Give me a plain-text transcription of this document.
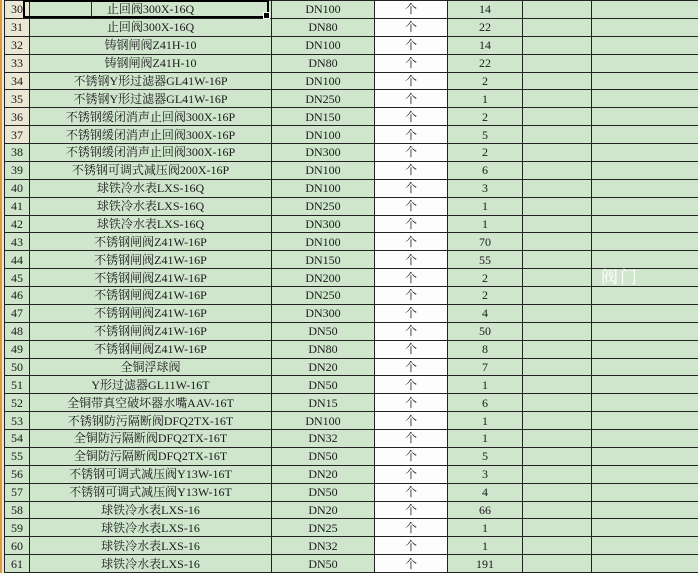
30	止回阀300X-16Q	DN100	个	14
31	止回阀300X-16Q	DN80	个	22
32	铸钢闸阀Z41H-10	DN100	个	14
33	铸钢闸阀Z41H-10	DN80	个	22
34	不锈钢Y形过滤器GL41W-16P	DN100	个	2
35	不锈钢Y形过滤器GL41W-16P	DN250	个	1
36	不锈钢缓闭消声止回阀300X-16P	DN150	个	2
37	不锈钢缓闭消声止回阀300X-16P	DN100	个	5
38	不锈钢缓闭消声止回阀300X-16P	DN300	个	2
39	不锈钢可调式减压阀200X-16P	DN100	个	6
40	球铁冷水表LXS-16Q	DN100	个	3
41	球铁冷水表LXS-16Q	DN250	个	1
42	球铁冷水表LXS-16Q	DN300	个	1
43	不锈钢闸阀Z41W-16P	DN100	个	70
44	不锈钢闸阀Z41W-16P	DN150	个	55
45	不锈钢闸阀Z41W-16P	DN200	个	2
46	不锈钢闸阀Z41W-16P	DN250	个	2
47	不锈钢闸阀Z41W-16P	DN300	个	4
48	不锈钢闸阀Z41W-16P	DN50	个	50
49	不锈钢闸阀Z41W-16P	DN80	个	8
50	全铜浮球阀	DN20	个	7
51	Y形过滤器GL11W-16T	DN50	个	1
52	全铜带真空破坏器水嘴AAV-16T	DN15	个	6
53	不锈钢防污隔断阀DFQ2TX-16T	DN100	个	1
54	全铜防污隔断阀DFQ2TX-16T	DN32	个	1
55	全铜防污隔断阀DFQ2TX-16T	DN50	个	5
56	不锈钢可调式减压阀Y13W-16T	DN20	个	3
57	不锈钢可调式减压阀Y13W-16T	DN50	个	4
58	球铁冷水表LXS-16	DN20	个	66
59	球铁冷水表LXS-16	DN25	个	1
60	球铁冷水表LXS-16	DN32	个	1
61	球铁冷水表LXS-16	DN50	个	191
阀门
